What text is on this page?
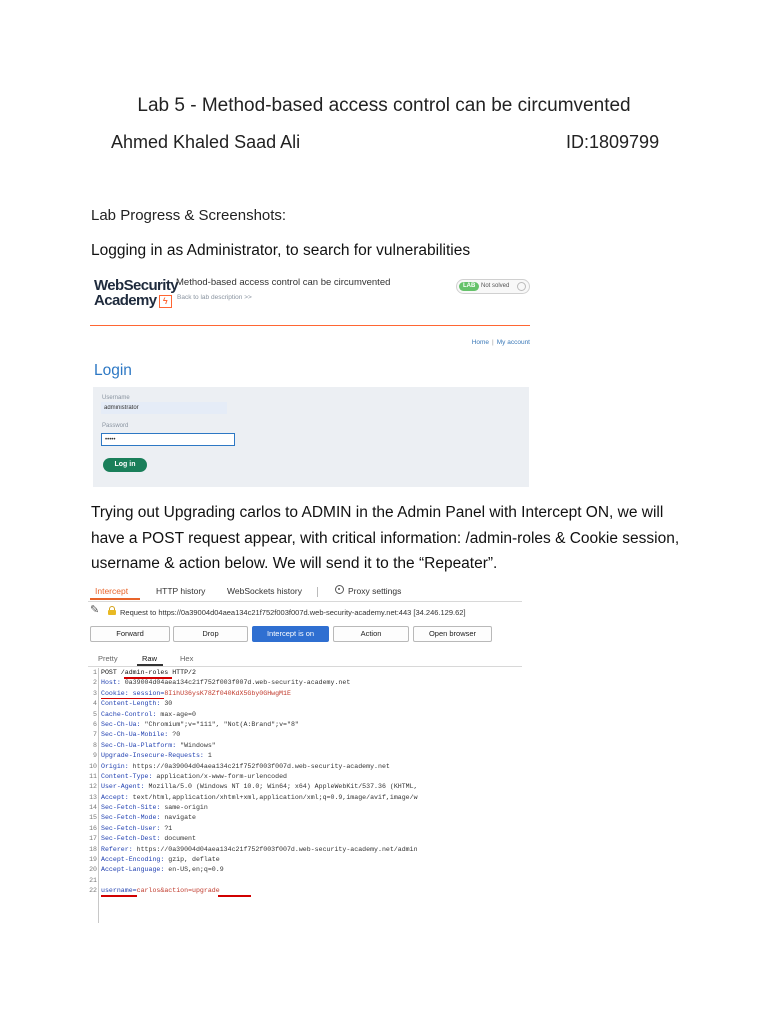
Lab 5 - Method-based access control can be circumvented
Ahmed Khaled Saad Ali	ID:1809799
Lab Progress & Screenshots:
Logging in as Administrator, to search for vulnerabilities
WebSecurity
Academy ϟ
Method-based access control can be circumvented
Back to lab description >>
LAB Not solved
Home | My account
Login
Username
administrator
Password
•••••
Log in
Trying out Upgrading carlos to ADMIN in the Admin Panel with Intercept ON, we will have a POST request appear, with critical information: /admin-roles & Cookie session, username & action below. We will send it to the “Repeater”.
Intercept	HTTP history	WebSockets history	Proxy settings
✎	Request to https://0a39004d04aea134c21f752f003f007d.web-security-academy.net:443 [34.246.129.62]
Forward	Drop	Intercept is on	Action	Open browser
Pretty	Raw	Hex
1 POST /admin-roles HTTP/2
2 Host: 0a39004d04aea134c21f752f003f007d.web-security-academy.net
3 Cookie: session=8IihU36ysK78Zf040KdX5Gby0GHwgM1E
4 Content-Length: 30
5 Cache-Control: max-age=0
6 Sec-Ch-Ua: "Chromium";v="111", "Not(A:Brand";v="8"
7 Sec-Ch-Ua-Mobile: ?0
8 Sec-Ch-Ua-Platform: "Windows"
9 Upgrade-Insecure-Requests: 1
10 Origin: https://0a39004d04aea134c21f752f003f007d.web-security-academy.net
11 Content-Type: application/x-www-form-urlencoded
12 User-Agent: Mozilla/5.0 (Windows NT 10.0; Win64; x64) AppleWebKit/537.36 (KHTML,
13 Accept: text/html,application/xhtml+xml,application/xml;q=0.9,image/avif,image/w
14 Sec-Fetch-Site: same-origin
15 Sec-Fetch-Mode: navigate
16 Sec-Fetch-User: ?1
17 Sec-Fetch-Dest: document
18 Referer: https://0a39004d04aea134c21f752f003f007d.web-security-academy.net/admin
19 Accept-Encoding: gzip, deflate
20 Accept-Language: en-US,en;q=0.9
21
22 username=carlos&action=upgrade
